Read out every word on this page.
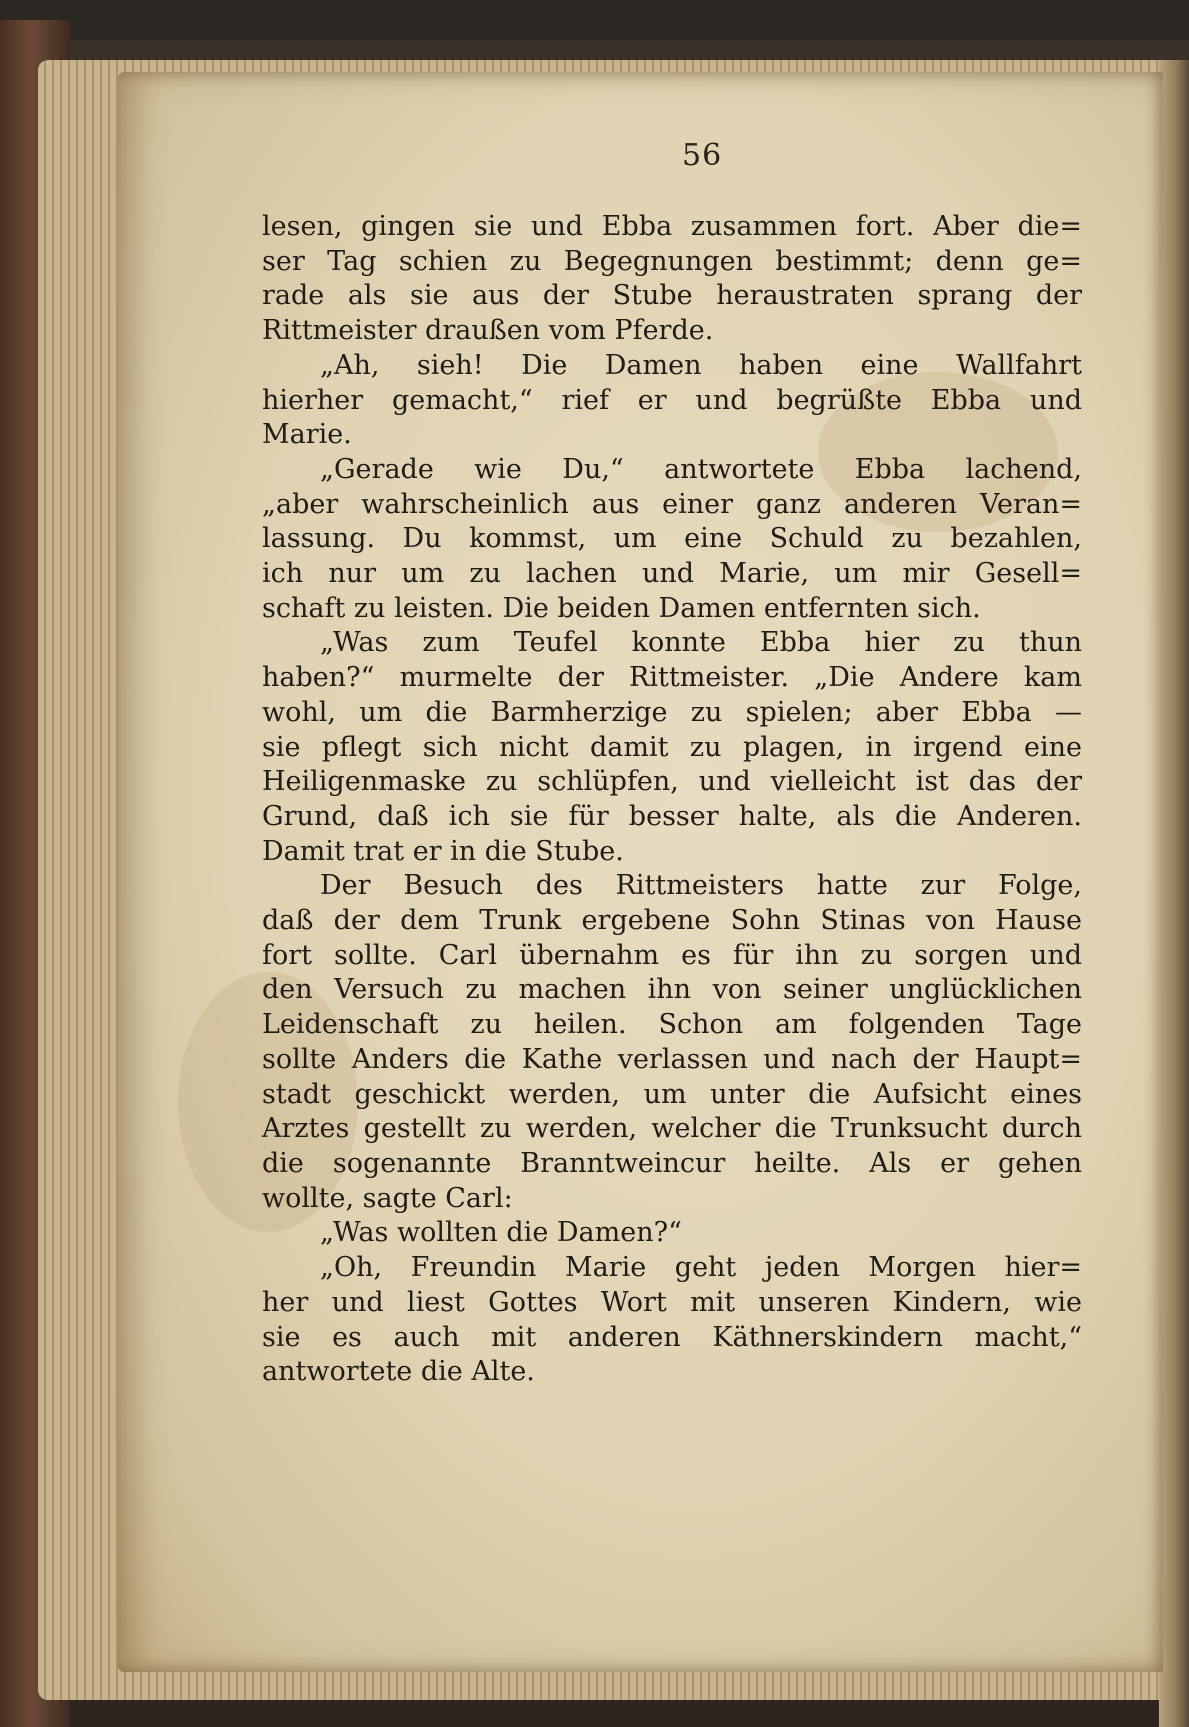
56
lesen, gingen sie und Ebba zusammen fort. Aber die=
ser Tag schien zu Begegnungen bestimmt; denn ge=
rade als sie aus der Stube heraustraten sprang der
Rittmeister draußen vom Pferde.
„Ah, sieh! Die Damen haben eine Wallfahrt
hierher gemacht,“ rief er und begrüßte Ebba und
Marie.
„Gerade wie Du,“ antwortete Ebba lachend,
„aber wahrscheinlich aus einer ganz anderen Veran=
lassung. Du kommst, um eine Schuld zu bezahlen,
ich nur um zu lachen und Marie, um mir Gesell=
schaft zu leisten. Die beiden Damen entfernten sich.
„Was zum Teufel konnte Ebba hier zu thun
haben?“ murmelte der Rittmeister. „Die Andere kam
wohl, um die Barmherzige zu spielen; aber Ebba —
sie pflegt sich nicht damit zu plagen, in irgend eine
Heiligenmaske zu schlüpfen, und vielleicht ist das der
Grund, daß ich sie für besser halte, als die Anderen.
Damit trat er in die Stube.
Der Besuch des Rittmeisters hatte zur Folge,
daß der dem Trunk ergebene Sohn Stinas von Hause
fort sollte. Carl übernahm es für ihn zu sorgen und
den Versuch zu machen ihn von seiner unglücklichen
Leidenschaft zu heilen. Schon am folgenden Tage
sollte Anders die Kathe verlassen und nach der Haupt=
stadt geschickt werden, um unter die Aufsicht eines
Arztes gestellt zu werden, welcher die Trunksucht durch
die sogenannte Branntweincur heilte. Als er gehen
wollte, sagte Carl:
„Was wollten die Damen?“
„Oh, Freundin Marie geht jeden Morgen hier=
her und liest Gottes Wort mit unseren Kindern, wie
sie es auch mit anderen Käthnerskindern macht,“
antwortete die Alte.
